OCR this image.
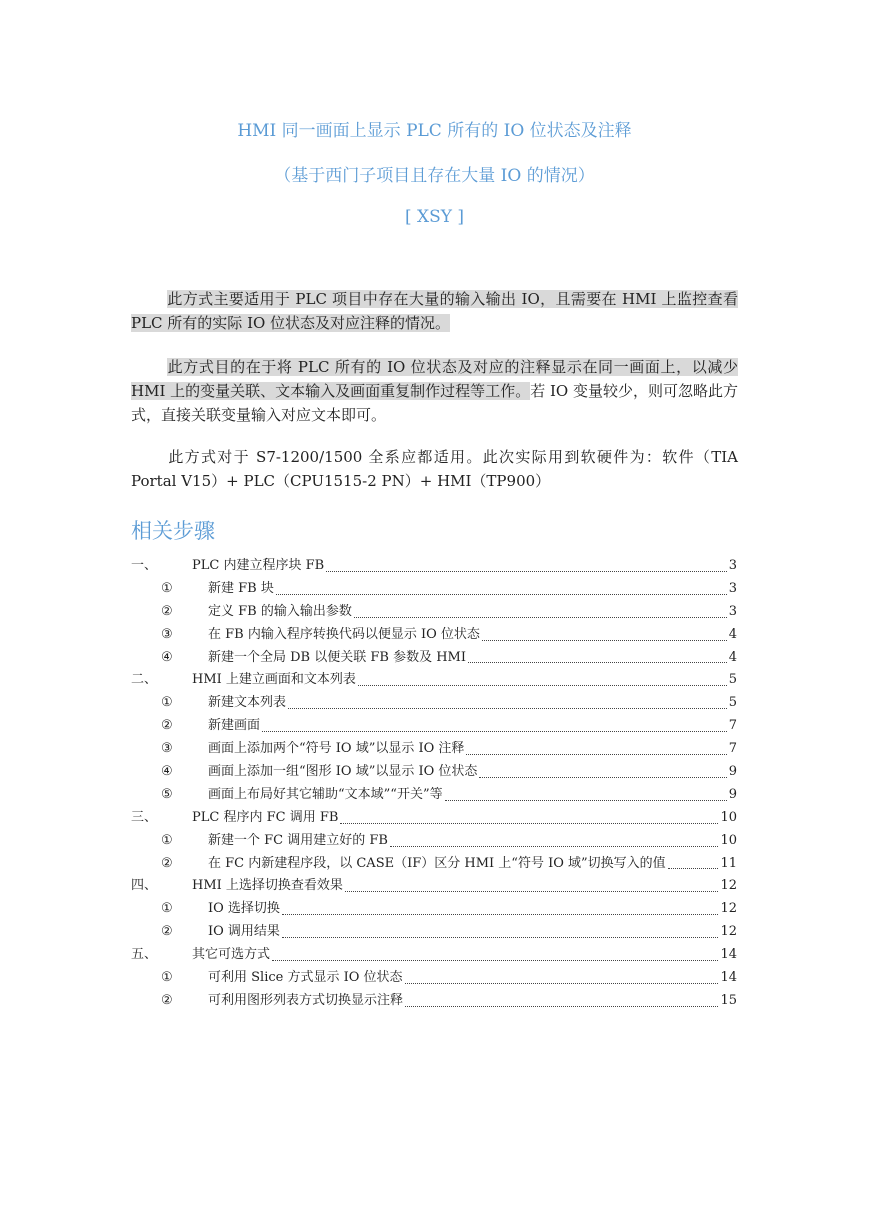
HMI 同一画面上显示 PLC 所有的 IO 位状态及注释
（基于西门子项目且存在大量 IO 的情况）
[ XSY ]

此方式主要适用于 PLC 项目中存在大量的输入输出 IO，且需要在 HMI 上监控查看 PLC 所有的实际 IO 位状态及对应注释的情况。

此方式目的在于将 PLC 所有的 IO 位状态及对应的注释显示在同一画面上，以减少 HMI 上的变量关联、文本输入及画面重复制作过程等工作。若 IO 变量较少，则可忽略此方式，直接关联变量输入对应文本即可。

此方式对于 S7-1200/1500 全系应都适用。此次实际用到软硬件为：软件（TIA Portal V15）+ PLC（CPU1515-2 PN）+ HMI（TP900）

相关步骤
一、	PLC 内建立程序块 FB	3
①	新建 FB 块	3
②	定义 FB 的输入输出参数	3
③	在 FB 内输入程序转换代码以便显示 IO 位状态	4
④	新建一个全局 DB 以便关联 FB 参数及 HMI	4
二、	HMI 上建立画面和文本列表	5
①	新建文本列表	5
②	新建画面	7
③	画面上添加两个“符号 IO 域”以显示 IO 注释	7
④	画面上添加一组“图形 IO 域”以显示 IO 位状态	9
⑤	画面上布局好其它辅助“文本域”“开关”等	9
三、	PLC 程序内 FC 调用 FB	10
①	新建一个 FC 调用建立好的 FB	10
②	在 FC 内新建程序段，以 CASE（IF）区分 HMI 上“符号 IO 域”切换写入的值	11
四、	HMI 上选择切换查看效果	12
①	IO 选择切换	12
②	IO 调用结果	12
五、	其它可选方式	14
①	可利用 Slice 方式显示 IO 位状态	14
②	可利用图形列表方式切换显示注释	15
